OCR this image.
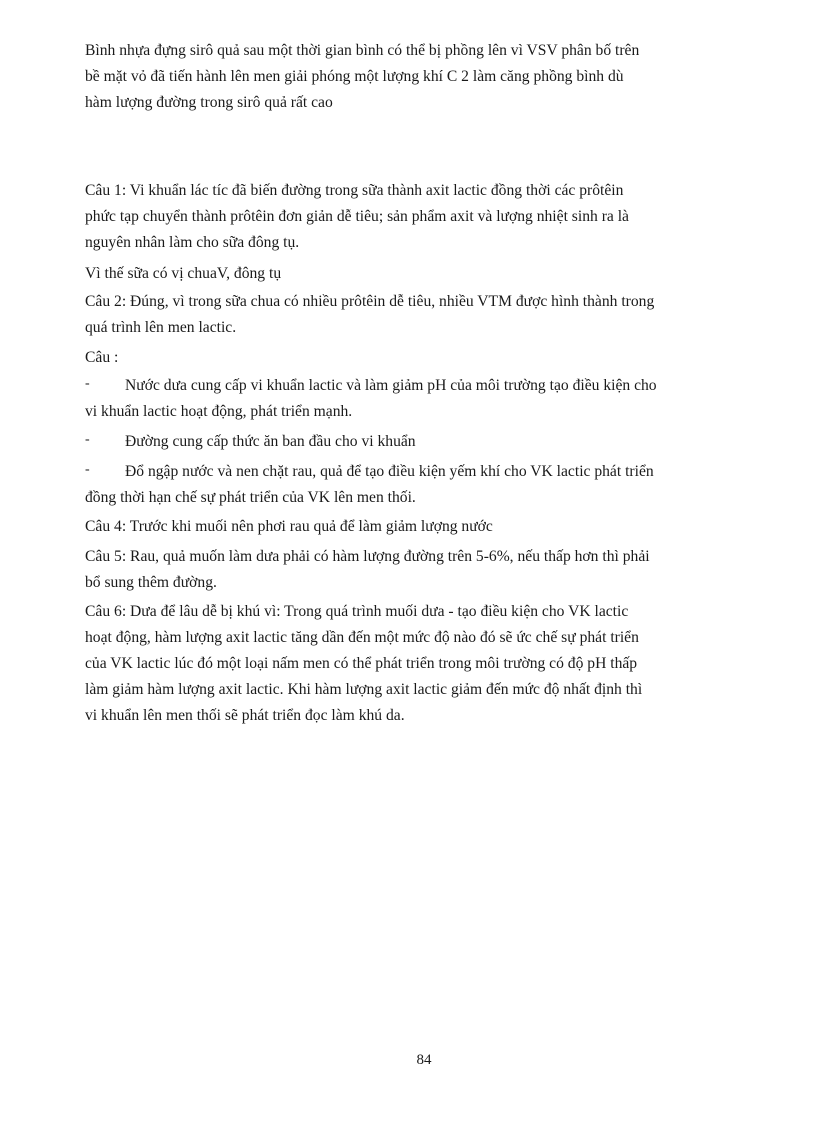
Bình nhựa đựng sirô quả sau một thời gian bình có thể bị phồng lên vì VSV phân bố trên
bề mặt vỏ đã tiến hành lên men giải phóng một lượng khí C 2 làm căng phồng bình dù
hàm lượng đường trong sirô quả rất cao
Câu 1: Vi khuẩn lác tíc đã biến đường trong sữa thành axit lactic đồng thời các prôtêin
phức tạp chuyển thành prôtêin đơn giản dễ tiêu; sản phẩm axit và lượng nhiệt sinh ra là
nguyên nhân làm cho sữa đông tụ.
Vì thế sữa có vị chuaV, đông tụ
Câu 2: Đúng, vì trong sữa chua có nhiều prôtêin dễ tiêu, nhiều VTM được hình thành trong
quá trình lên men lactic.
Câu :
- Nước dưa cung cấp vi khuẩn lactic và làm giảm pH của môi trường tạo điều kiện cho
vi khuẩn lactic hoạt động, phát triển mạnh.
- Đường cung cấp thức ăn ban đầu cho vi khuẩn
- Đổ ngập nước và nen chặt rau, quả để tạo điều kiện yếm khí cho VK lactic phát triển
đồng thời hạn chế sự phát triển của VK lên men thối.
Câu 4: Trước khi muối nên phơi rau quả để làm giảm lượng nước
Câu 5: Rau, quả muốn làm dưa phải có hàm lượng đường trên 5-6%, nếu thấp hơn thì phải
bổ sung thêm đường.
Câu 6: Dưa để lâu dễ bị khú vì: Trong quá trình muối dưa - tạo điều kiện cho VK lactic
hoạt động, hàm lượng axit lactic tăng dần đến một mức độ nào đó sẽ ức chế sự phát triển
của VK lactic lúc đó một loại nấm men có thể phát triển trong môi trường có độ pH thấp
làm giảm hàm lượng axit lactic. Khi hàm lượng axit lactic giảm đến mức độ nhất định thì
vi khuẩn lên men thối sẽ phát triển đọc làm khú da.
84
